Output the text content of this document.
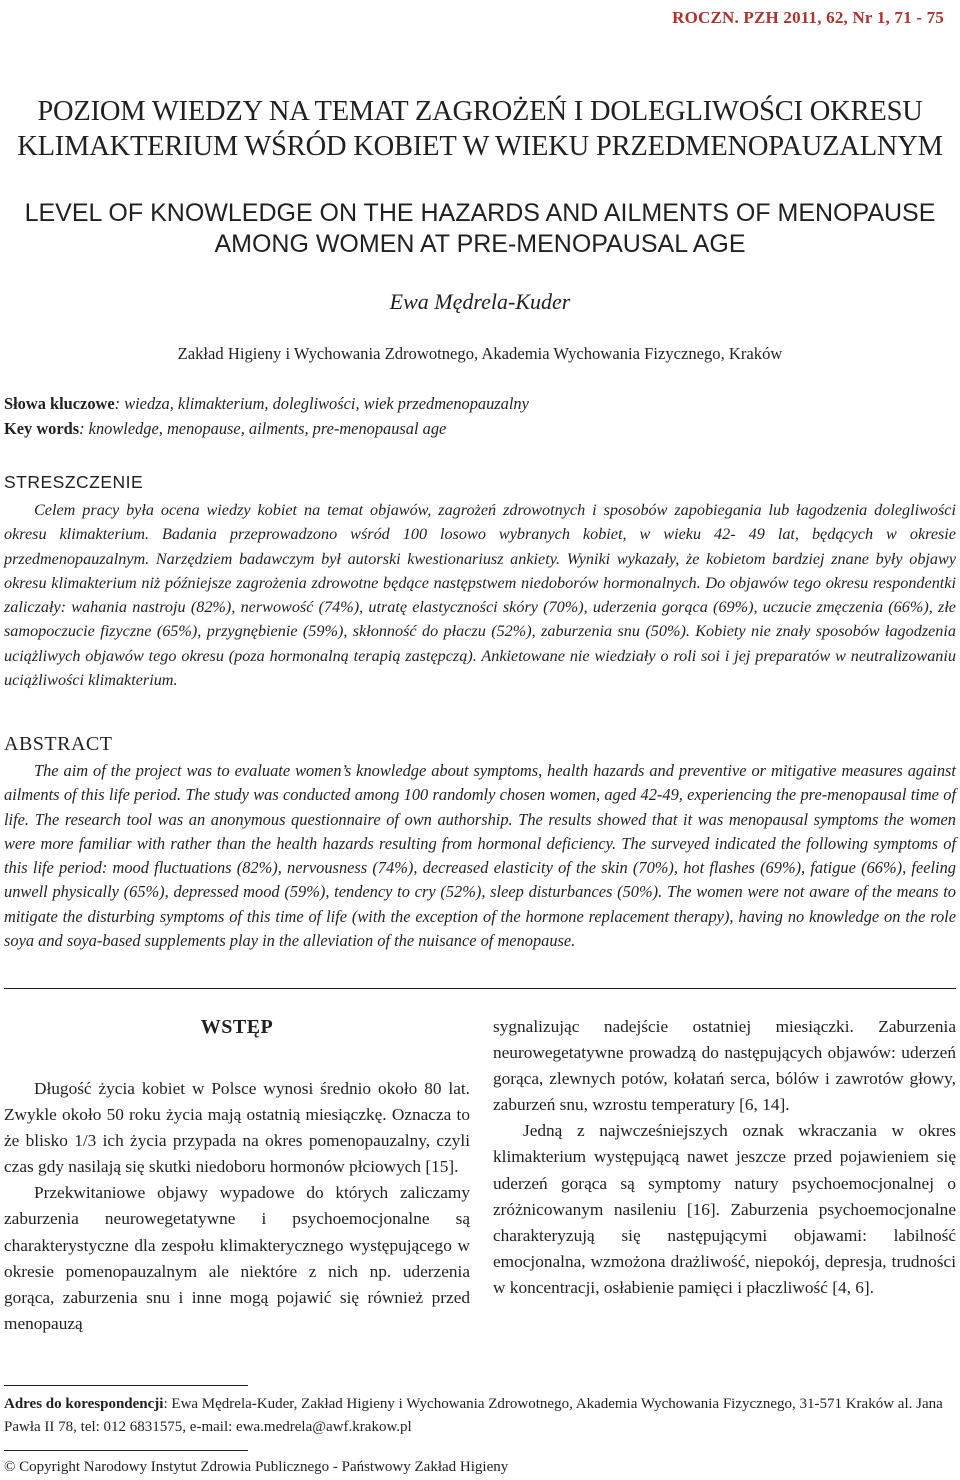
ROCZN. PZH 2011, 62, Nr 1, 71 - 75
POZIOM WIEDZY NA TEMAT ZAGROŻEŃ I DOLEGLIWOŚCI OKRESU
KLIMAKTERIUM WŚRÓD KOBIET W WIEKU PRZEDMENOPAUZALNYM
LEVEL OF KNOWLEDGE ON THE HAZARDS AND AILMENTS OF MENOPAUSE
AMONG WOMEN AT PRE-MENOPAUSAL AGE
Ewa Mędrela-Kuder
Zakład Higieny i Wychowania Zdrowotnego, Akademia Wychowania Fizycznego, Kraków
Słowa kluczowe: wiedza, klimakterium, dolegliwości, wiek przedmenopauzalny
Key words: knowledge, menopause, ailments, pre-menopausal age
STRESZCZENIE
Celem pracy była ocena wiedzy kobiet na temat objawów, zagrożeń zdrowotnych i sposobów zapobiegania lub łagodzenia dolegliwości okresu klimakterium. Badania przeprowadzono wśród 100 losowo wybranych kobiet, w wieku 42- 49 lat, będących w okresie przedmenopauzalnym. Narzędziem badawczym był autorski kwestionariusz ankiety. Wyniki wykazały, że kobietom bardziej znane były objawy okresu klimakterium niż późniejsze zagrożenia zdrowotne będące następstwem niedoborów hormonalnych. Do objawów tego okresu respondentki zaliczały: wahania nastroju (82%), nerwowość (74%), utratę elastyczności skóry (70%), uderzenia gorąca (69%), uczucie zmęczenia (66%), złe samopoczucie fizyczne (65%), przygnębienie (59%), skłonność do płaczu (52%), zaburzenia snu (50%). Kobiety nie znały sposobów łagodzenia uciążliwych objawów tego okresu (poza hormonalną terapią zastępczą). Ankietowane nie wiedziały o roli soi i jej preparatów w neutralizowaniu uciążliwości klimakterium.
ABSTRACT
The aim of the project was to evaluate women’s knowledge about symptoms, health hazards and preventive or mitigative measures against ailments of this life period. The study was conducted among 100 randomly chosen women, aged 42-49, experiencing the pre-menopausal time of life. The research tool was an anonymous questionnaire of own authorship. The results showed that it was menopausal symptoms the women were more familiar with rather than the health hazards resulting from hormonal deficiency. The surveyed indicated the following symptoms of this life period: mood fluctuations (82%), nervousness (74%), decreased elasticity of the skin (70%), hot flashes (69%), fatigue (66%), feeling unwell physically (65%), depressed mood (59%), tendency to cry (52%), sleep disturbances (50%). The women were not aware of the means to mitigate the disturbing symptoms of this time of life (with the exception of the hormone replacement therapy), having no knowledge on the role soya and soya-based supplements play in the alleviation of the nuisance of menopause.
WSTĘP

Długość życia kobiet w Polsce wynosi średnio około 80 lat. Zwykle około 50 roku życia mają ostatnią miesiączkę. Oznacza to że blisko 1/3 ich życia przypada na okres pomenopauzalny, czyli czas gdy nasilają się skutki niedoboru hormonów płciowych [15].

Przekwitaniowe objawy wypadowe do których zaliczamy zaburzenia neurowegetatywne i psychoemocjonalne są charakterystyczne dla zespołu klimakterycznego występującego w okresie pomenopauzalnym ale niektóre z nich np. uderzenia gorąca, zaburzenia snu i inne mogą pojawić się również przed menopauzą

sygnalizując nadejście ostatniej miesiączki. Zaburzenia neurowegetatywne prowadzą do następujących objawów: uderzeń gorąca, zlewnych potów, kołatań serca, bólów i zawrotów głowy, zaburzeń snu, wzrostu temperatury [6, 14].

Jedną z najwcześniejszych oznak wkraczania w okres klimakterium występującą nawet jeszcze przed pojawieniem się uderzeń gorąca są symptomy natury psychoemocjonalnej o zróżnicowanym nasileniu [16]. Zaburzenia psychoemocjonalne charakteryzują się następującymi objawami: labilność emocjonalna, wzmożona drażliwość, niepokój, depresja, trudności w koncentracji, osłabienie pamięci i płaczliwość [4, 6].

Adres do korespondencji: Ewa Mędrela-Kuder, Zakład Higieny i Wychowania Zdrowotnego, Akademia Wychowania Fizycznego, 31-571 Kraków al. Jana Pawła II 78, tel: 012 6831575, e-mail: ewa.medrela@awf.krakow.pl
© Copyright Narodowy Instytut Zdrowia Publicznego - Państwowy Zakład Higieny
